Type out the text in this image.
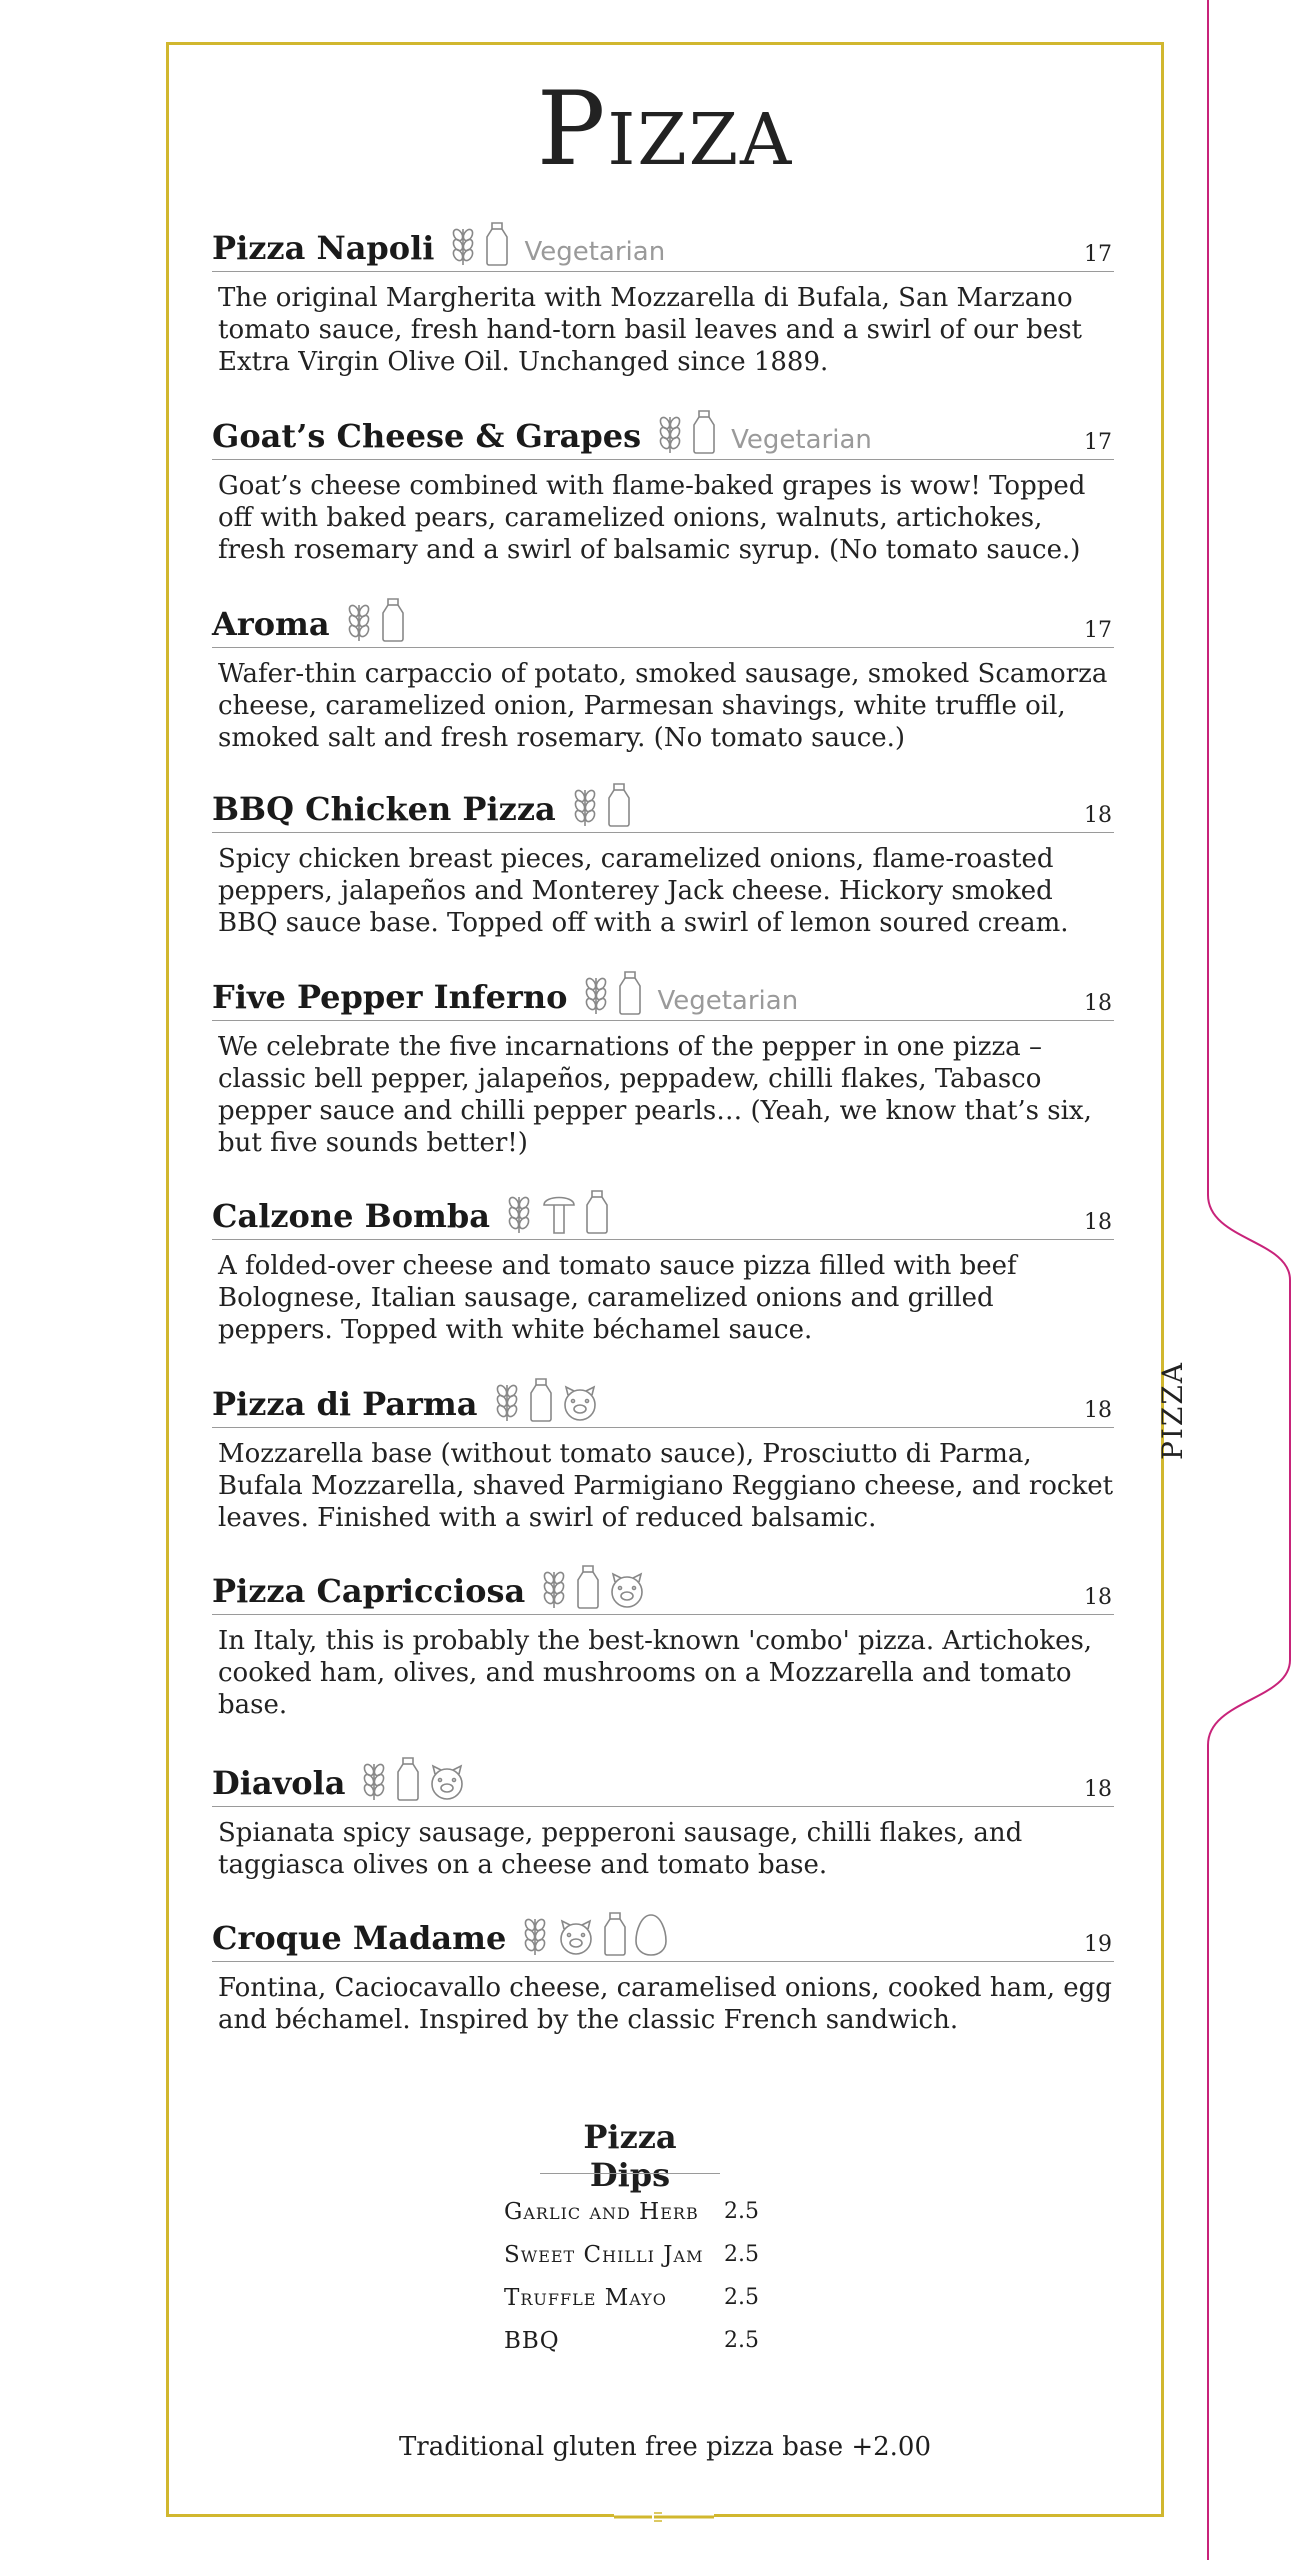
PIZZA
Pizza
Pizza Napoli	Vegetarian	17
The original Margherita with Mozzarella di Bufala, San Marzano tomato sauce, fresh hand-torn basil leaves and a swirl of our best Extra Virgin Olive Oil. Unchanged since 1889.
Goat’s Cheese & Grapes	Vegetarian	17
Goat’s cheese combined with flame-baked grapes is wow! Topped off with baked pears, caramelized onions, walnuts, artichokes, fresh rosemary and a swirl of balsamic syrup. (No tomato sauce.)
Aroma	17
Wafer-thin carpaccio of potato, smoked sausage, smoked Scamorza cheese, caramelized onion, Parmesan shavings, white truffle oil, smoked salt and fresh rosemary. (No tomato sauce.)
BBQ Chicken Pizza	18
Spicy chicken breast pieces, caramelized onions, flame-roasted peppers, jalapeños and Monterey Jack cheese. Hickory smoked BBQ sauce base. Topped off with a swirl of lemon soured cream.
Five Pepper Inferno	Vegetarian	18
We celebrate the five incarnations of the pepper in one pizza – classic bell pepper, jalapeños, peppadew, chilli flakes, Tabasco pepper sauce and chilli pepper pearls… (Yeah, we know that’s six, but five sounds better!)
Calzone Bomba	18
A folded-over cheese and tomato sauce pizza filled with beef Bolognese, Italian sausage, caramelized onions and grilled peppers. Topped with white béchamel sauce.
Pizza di Parma	18
Mozzarella base (without tomato sauce), Prosciutto di Parma, Bufala Mozzarella, shaved Parmigiano Reggiano cheese, and rocket leaves. Finished with a swirl of reduced balsamic.
Pizza Capricciosa	18
In Italy, this is probably the best-known 'combo' pizza. Artichokes, cooked ham, olives, and mushrooms on a Mozzarella and tomato base.
Diavola	18
Spianata spicy sausage, pepperoni sausage, chilli flakes, and taggiasca olives on a cheese and tomato base.
Croque Madame	19
Fontina, Caciocavallo cheese, caramelised onions, cooked ham, egg and béchamel. Inspired by the classic French sandwich.
Pizza Dips
Garlic and Herb	2.5
Sweet Chilli Jam 2.5
Truffle Mayo	2.5
BBQ	2.5
Traditional gluten free pizza base +2.00
